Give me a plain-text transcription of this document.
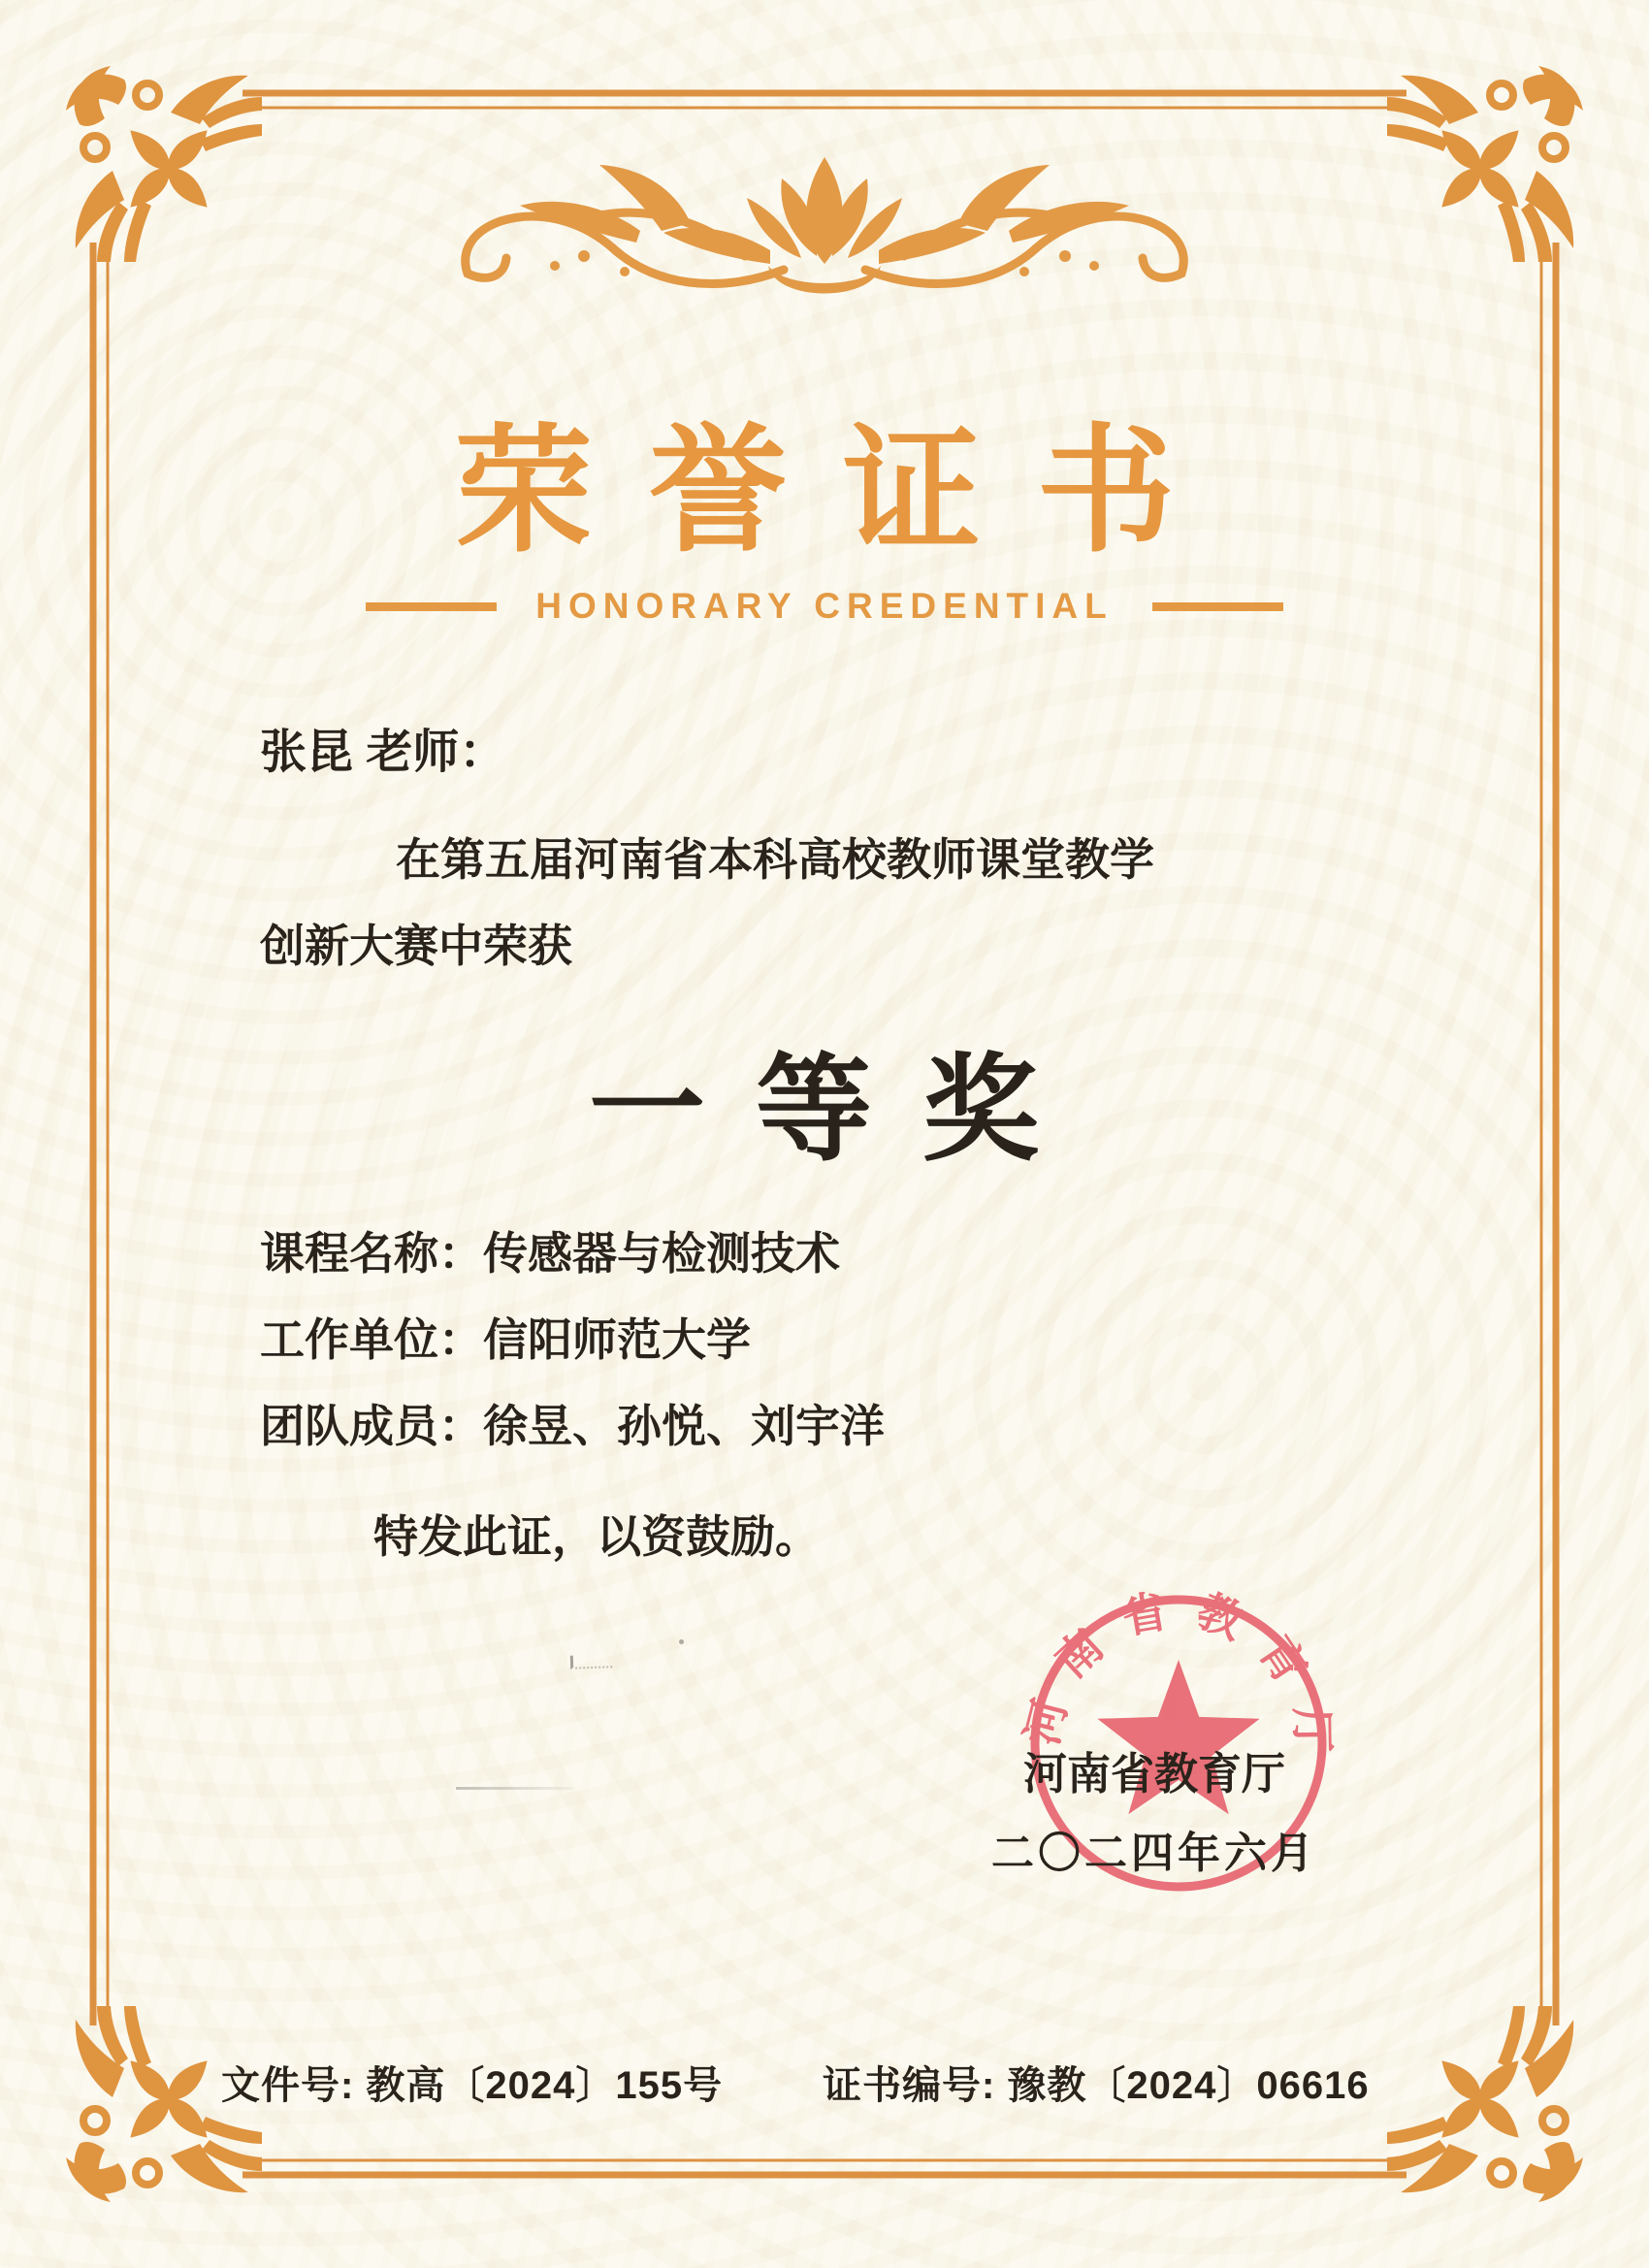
荣誉证书
HONORARY CREDENTIAL
张昆 老师：
在第五届河南省本科高校教师课堂教学
创新大赛中荣获
一等奖
课程名称：传感器与检测技术
工作单位：信阳师范大学
团队成员：徐昱、孙悦、刘宇洋
特发此证，以资鼓励。
河南省教育厅
河南省教育厅
二〇二四年六月
文件号: 教高〔2024〕155号	证书编号: 豫教〔2024〕06616
